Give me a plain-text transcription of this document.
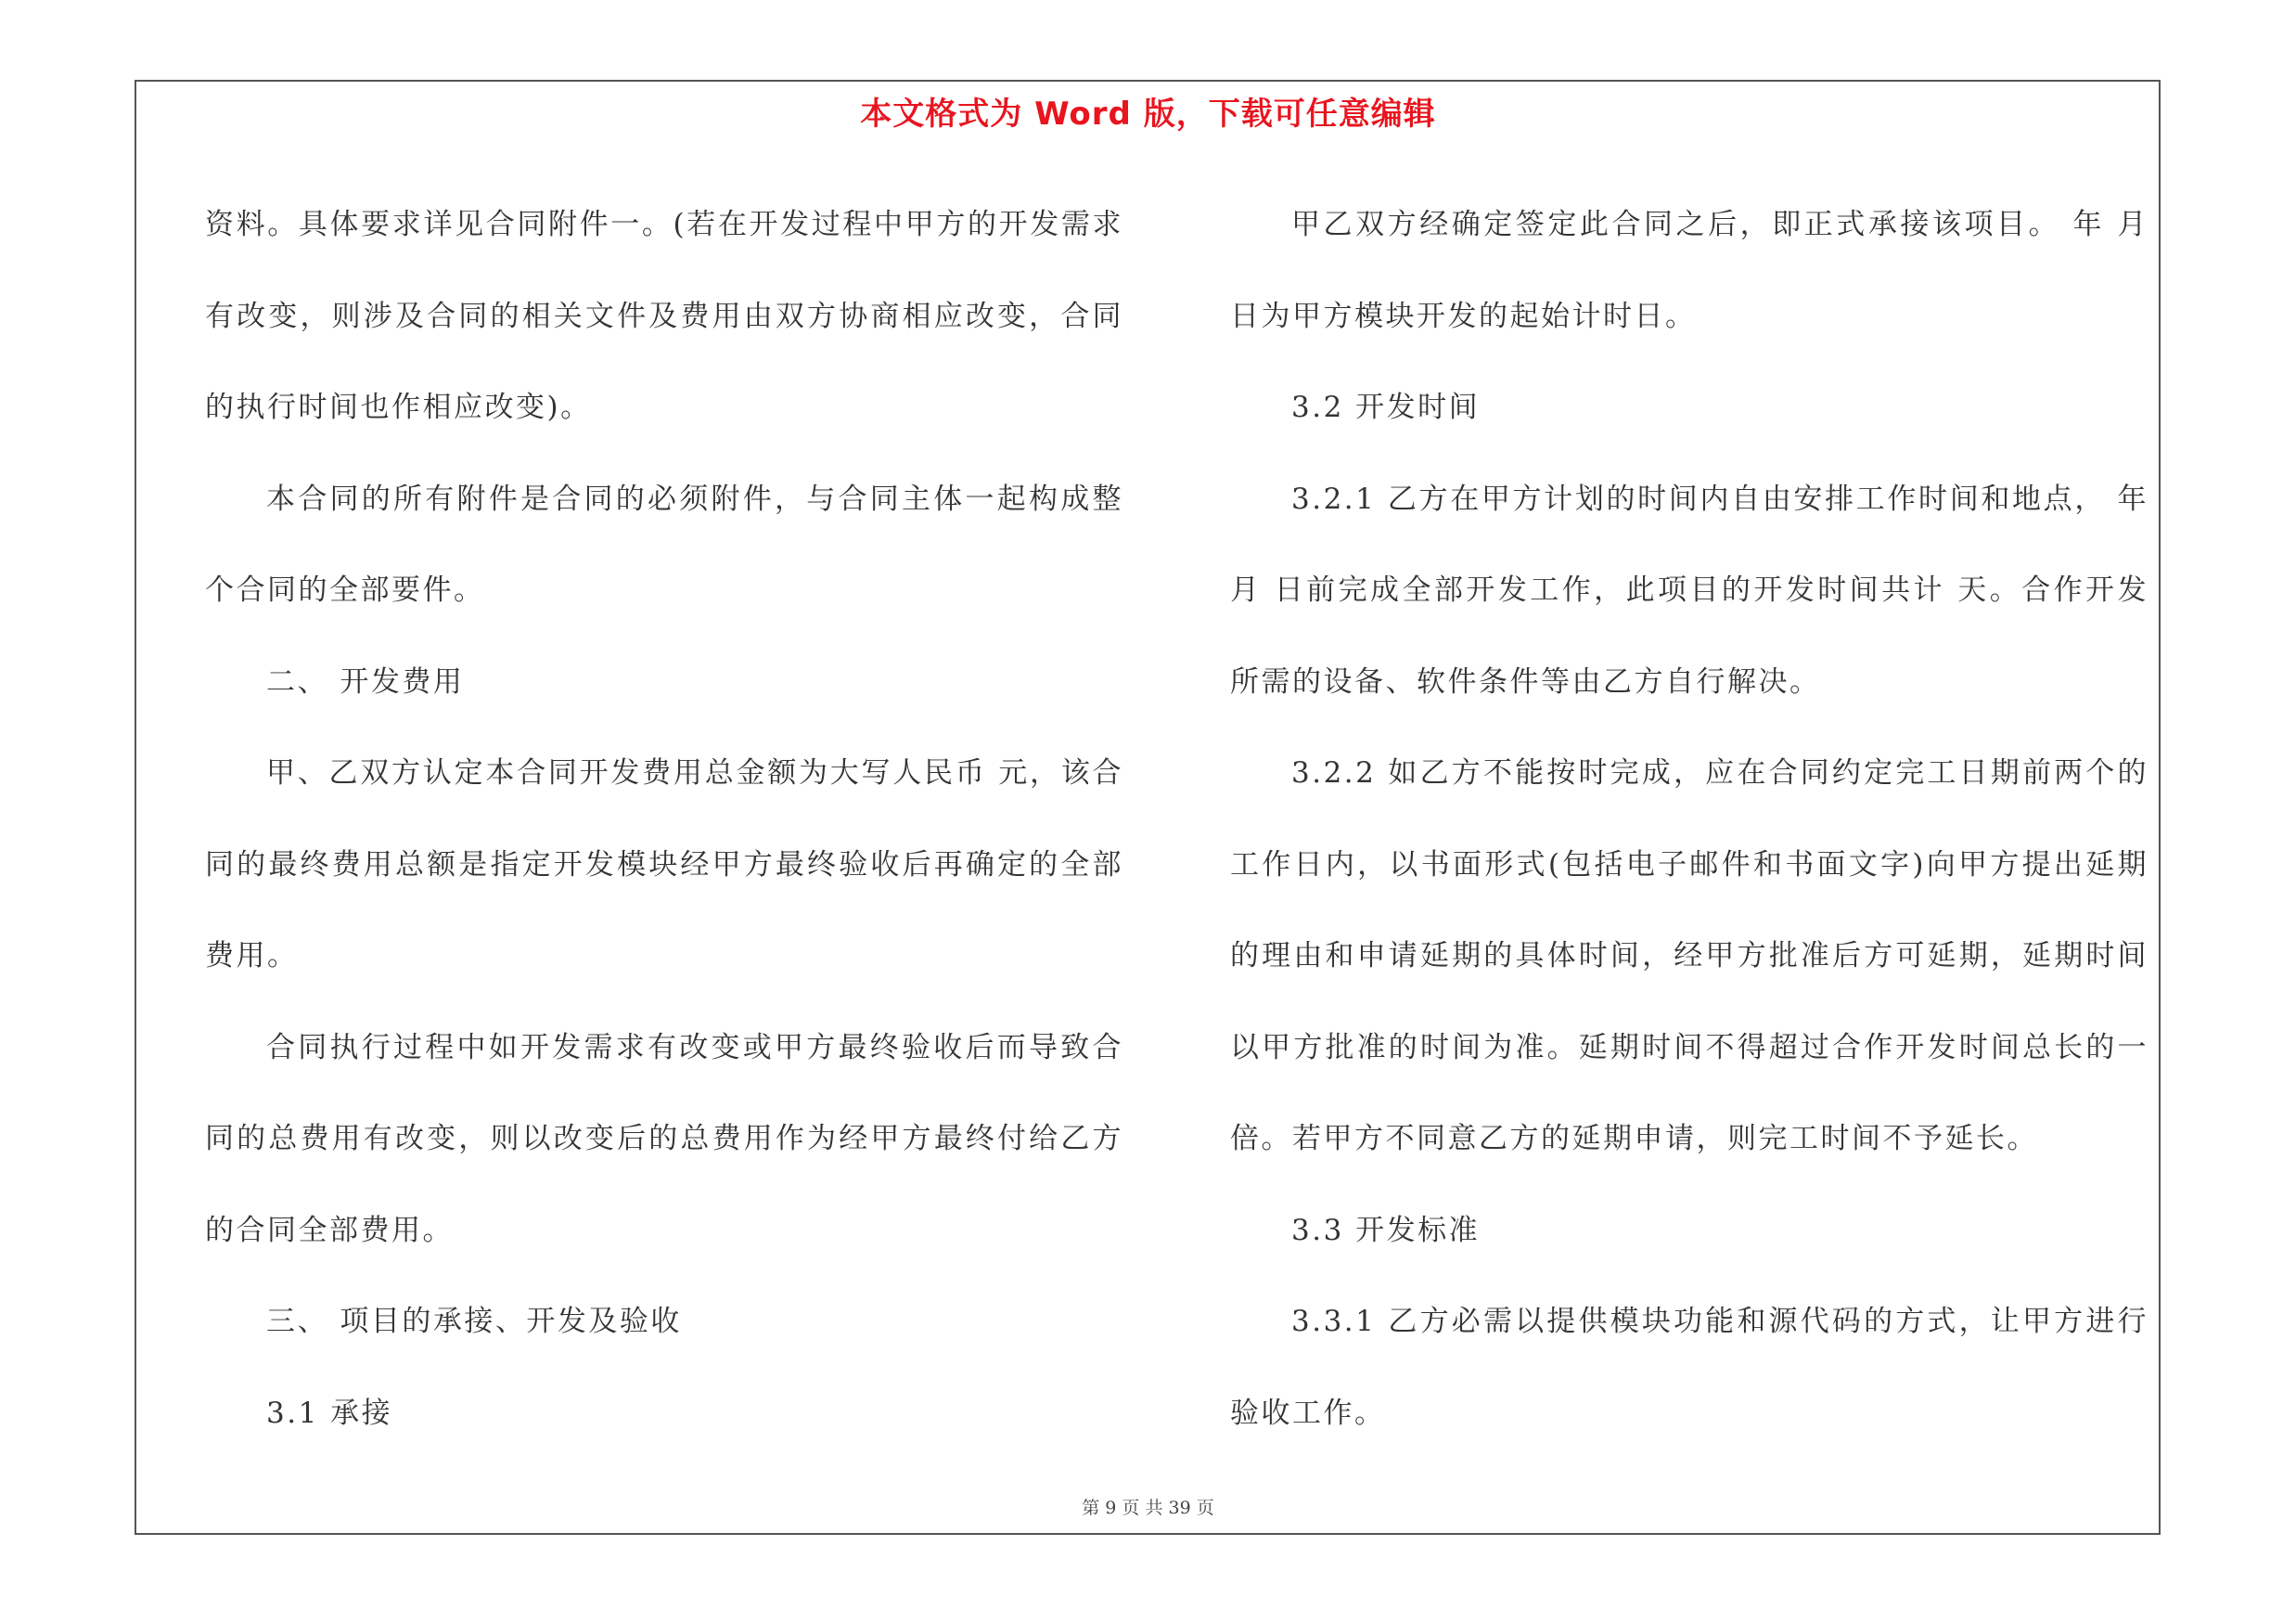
本文格式为 Word 版，下载可任意编辑

资料。具体要求详见合同附件一。(若在开发过程中甲方的开发需求有改变，则涉及合同的相关文件及费用由双方协商相应改变，合同的执行时间也作相应改变)。

本合同的所有附件是合同的必须附件，与合同主体一起构成整个合同的全部要件。

二、 开发费用

甲、乙双方认定本合同开发费用总金额为大写人民币 元，该合同的最终费用总额是指定开发模块经甲方最终验收后再确定的全部费用。

合同执行过程中如开发需求有改变或甲方最终验收后而导致合同的总费用有改变，则以改变后的总费用作为经甲方最终付给乙方的合同全部费用。

三、 项目的承接、开发及验收

3.1 承接

甲乙双方经确定签定此合同之后，即正式承接该项目。 年 月 日为甲方模块开发的起始计时日。

3.2 开发时间

3.2.1 乙方在甲方计划的时间内自由安排工作时间和地点， 年 月 日前完成全部开发工作，此项目的开发时间共计 天。合作开发所需的设备、软件条件等由乙方自行解决。

3.2.2 如乙方不能按时完成，应在合同约定完工日期前两个的工作日内，以书面形式(包括电子邮件和书面文字)向甲方提出延期的理由和申请延期的具体时间，经甲方批准后方可延期，延期时间以甲方批准的时间为准。延期时间不得超过合作开发时间总长的一倍。若甲方不同意乙方的延期申请，则完工时间不予延长。

3.3 开发标准

3.3.1 乙方必需以提供模块功能和源代码的方式，让甲方进行验收工作。

第 9 页 共 39 页
